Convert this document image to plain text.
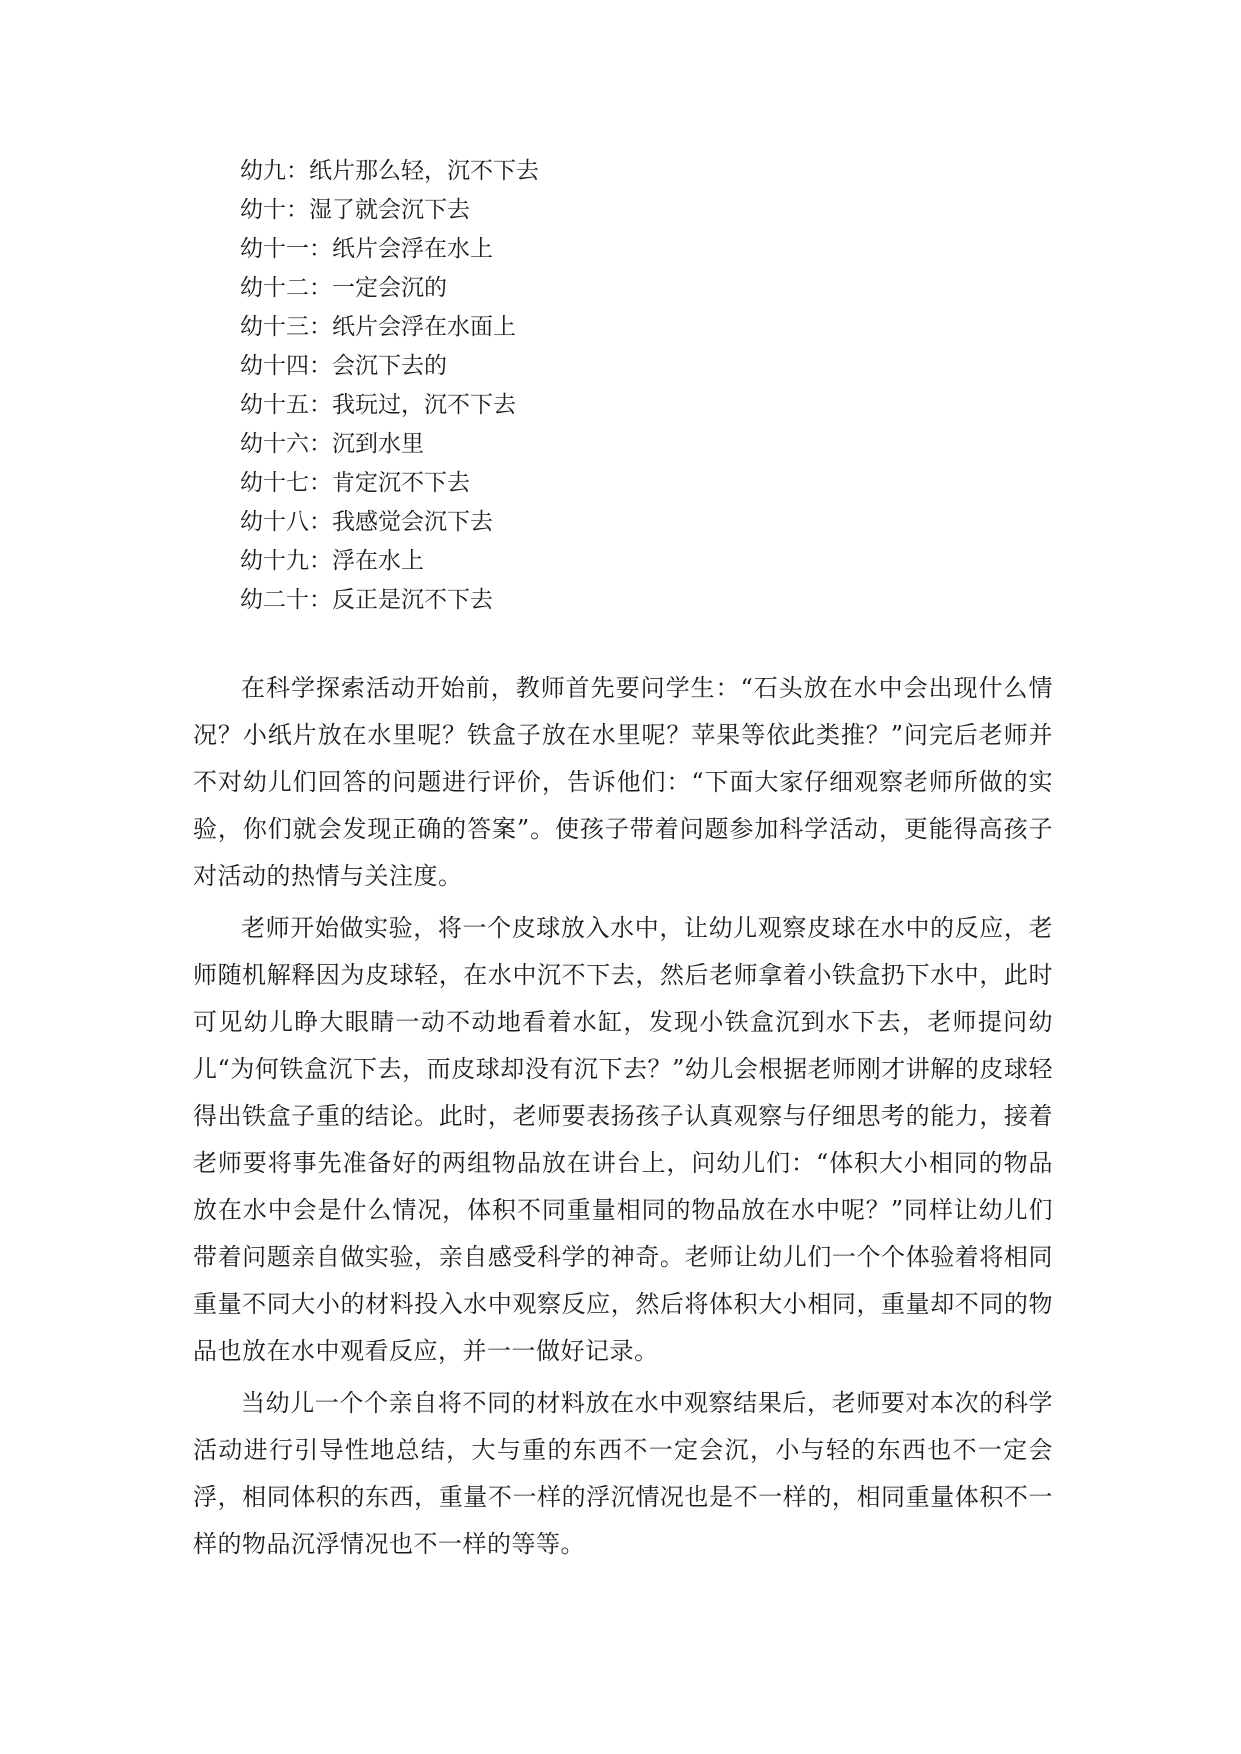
幼九：纸片那么轻，沉不下去
幼十：湿了就会沉下去
幼十一：纸片会浮在水上
幼十二：一定会沉的
幼十三：纸片会浮在水面上
幼十四：会沉下去的
幼十五：我玩过，沉不下去
幼十六：沉到水里
幼十七：肯定沉不下去
幼十八：我感觉会沉下去
幼十九：浮在水上
幼二十：反正是沉不下去

在科学探索活动开始前，教师首先要问学生：“石头放在水中会出现什么情况？小纸片放在水里呢？铁盒子放在水里呢？苹果等依此类推？”问完后老师并不对幼儿们回答的问题进行评价，告诉他们：“下面大家仔细观察老师所做的实验，你们就会发现正确的答案”。使孩子带着问题参加科学活动，更能得高孩子对活动的热情与关注度。

老师开始做实验，将一个皮球放入水中，让幼儿观察皮球在水中的反应，老师随机解释因为皮球轻，在水中沉不下去，然后老师拿着小铁盒扔下水中，此时可见幼儿睁大眼睛一动不动地看着水缸，发现小铁盒沉到水下去，老师提问幼儿“为何铁盒沉下去，而皮球却没有沉下去？”幼儿会根据老师刚才讲解的皮球轻得出铁盒子重的结论。此时，老师要表扬孩子认真观察与仔细思考的能力，接着老师要将事先准备好的两组物品放在讲台上，问幼儿们：“体积大小相同的物品放在水中会是什么情况，体积不同重量相同的物品放在水中呢？”同样让幼儿们带着问题亲自做实验，亲自感受科学的神奇。老师让幼儿们一个个体验着将相同重量不同大小的材料投入水中观察反应，然后将体积大小相同，重量却不同的物品也放在水中观看反应，并一一做好记录。

当幼儿一个个亲自将不同的材料放在水中观察结果后，老师要对本次的科学活动进行引导性地总结，大与重的东西不一定会沉，小与轻的东西也不一定会浮，相同体积的东西，重量不一样的浮沉情况也是不一样的，相同重量体积不一样的物品沉浮情况也不一样的等等。
